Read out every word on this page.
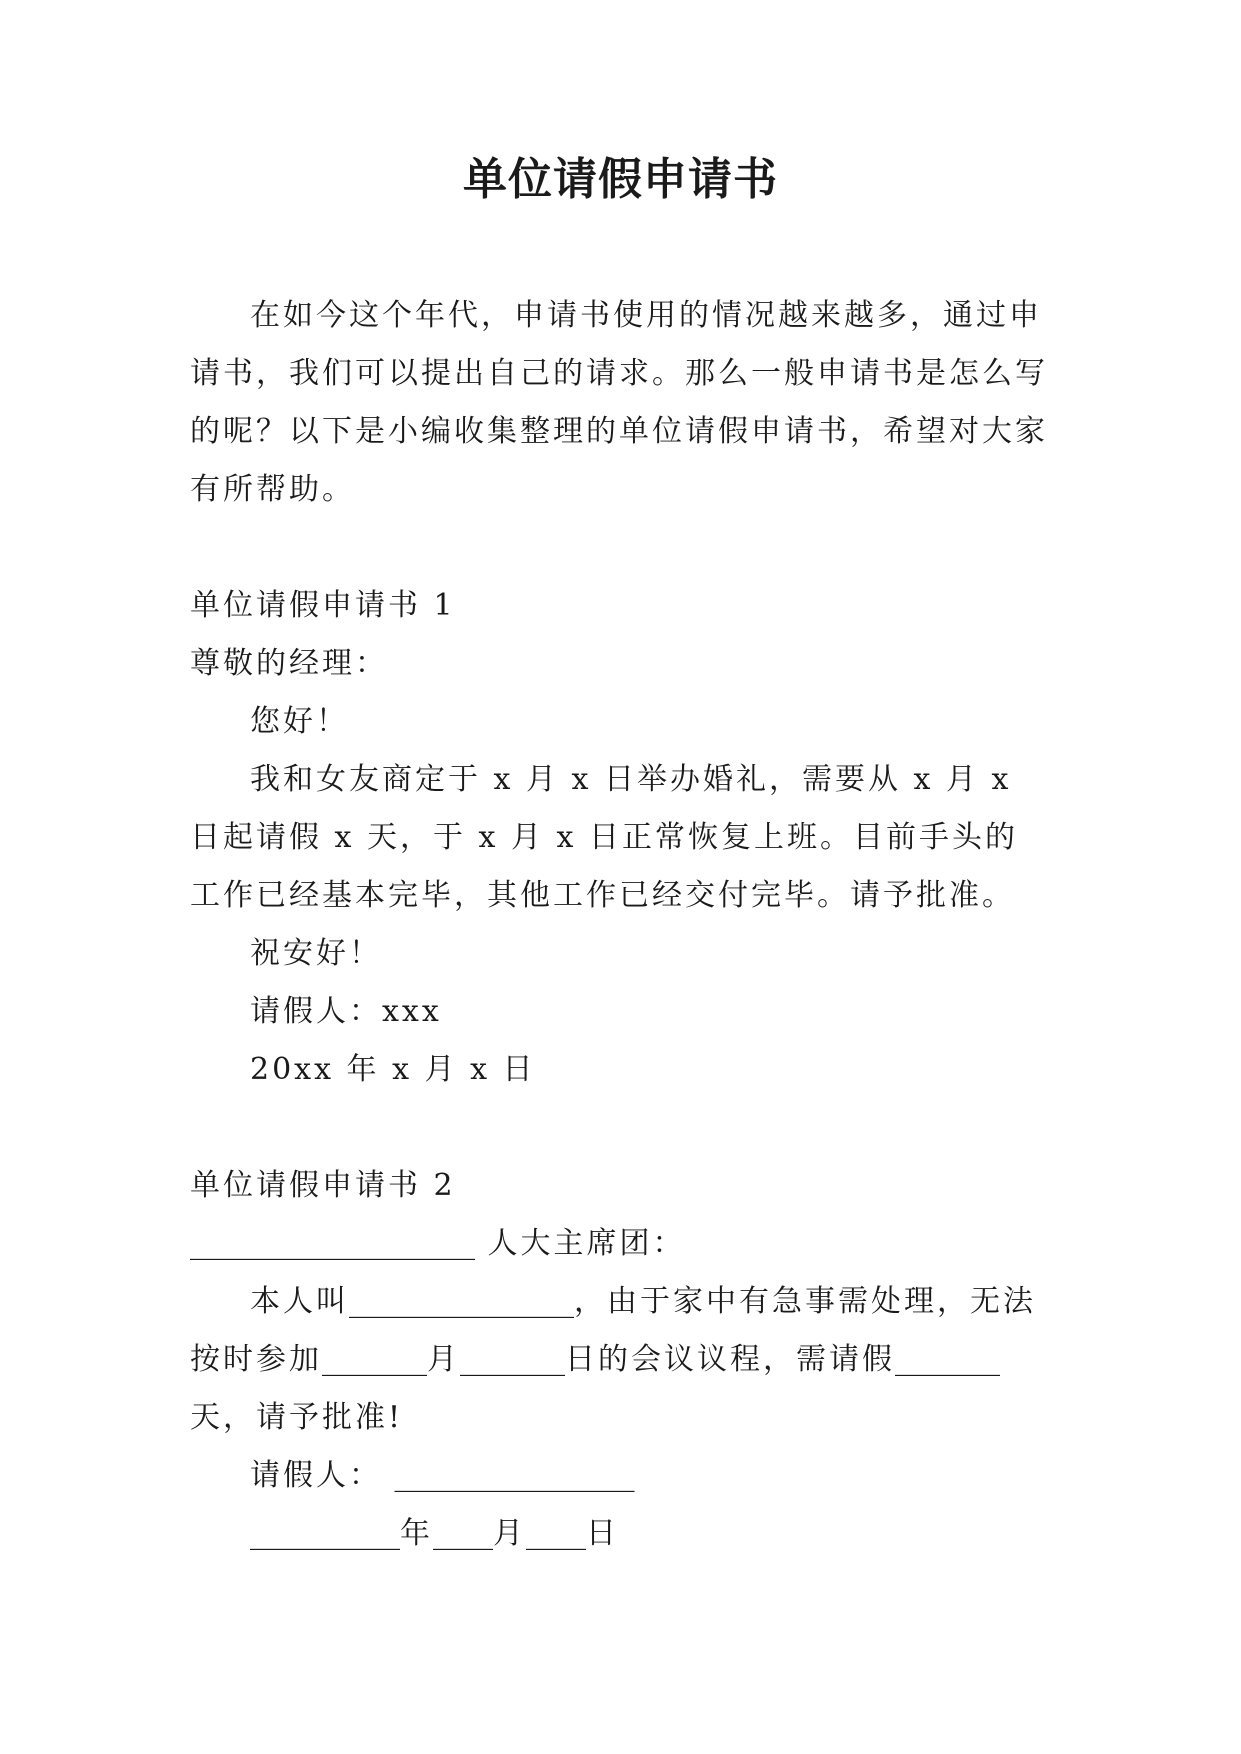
单位请假申请书

在如今这个年代，申请书使用的情况越来越多，通过申请书，我们可以提出自己的请求。那么一般申请书是怎么写的呢？以下是小编收集整理的单位请假申请书，希望对大家有所帮助。

单位请假申请书 1

尊敬的经理：

您好！

我和女友商定于 x 月 x 日举办婚礼，需要从 x 月 x 日起请假 x 天，于 x 月 x 日正常恢复上班。目前手头的工作已经基本完毕，其他工作已经交付完毕。请予批准。

祝安好！

请假人：xxx

20xx 年 x 月 x 日

单位请假申请书 2

___________________ 人大主席团：

本人叫_______________，由于家中有急事需处理，无法按时参加_______月_______日的会议议程，需请假_______天，请予批准!

请假人： ________________

__________年____月____日
